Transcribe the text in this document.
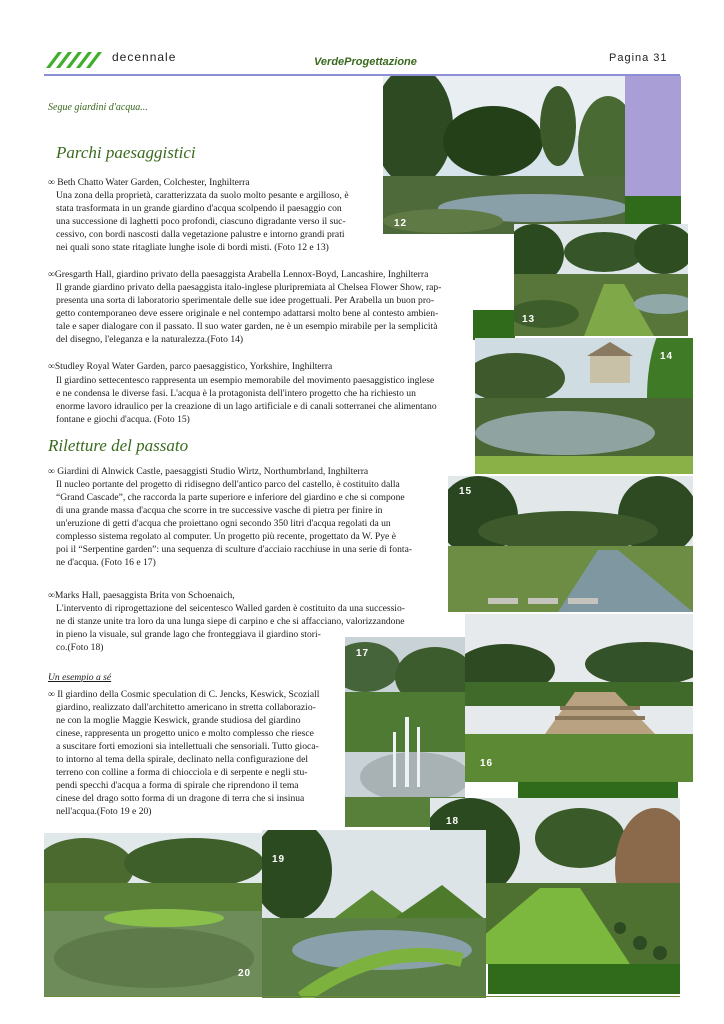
decennale	VerdeProgettazione	Pagina 31
Segue giardini d'acqua...
Parchi paesaggistici
∞ Beth Chatto Water Garden, Colchester, Inghilterra
Una zona della proprietà, caratterizzata da suolo molto pesante e argilloso, è
stata trasformata in un grande giardino d'acqua scolpendo il paesaggio con
una successione di laghetti poco profondi, ciascuno digradante verso il suc-
cessivo, con bordi nascosti dalla vegetazione palustre e intorno grandi prati
nei quali sono state ritagliate lunghe isole di bordi misti. (Foto 12 e 13)
∞Gresgarth Hall, giardino privato della paesaggista Arabella Lennox-Boyd, Lancashire, Inghilterra
Il grande giardino privato della paesaggista italo-inglese pluripremiata al Chelsea Flower Show, rap-
presenta una sorta di laboratorio sperimentale delle sue idee progettuali. Per Arabella un buon pro-
getto contemporaneo deve essere originale e nel contempo adattarsi molto bene al contesto ambien-
tale e saper dialogare con il passato. Il suo water garden, ne è un esempio mirabile per la semplicità
del disegno, l'eleganza e la naturalezza.(Foto 14)
∞Studley Royal Water Garden, parco paesaggistico, Yorkshire, Inghilterra
Il giardino settecentesco rappresenta un esempio memorabile del movimento paesaggistico inglese
e ne condensa le diverse fasi. L'acqua è la protagonista dell'intero progetto che ha richiesto un
enorme lavoro idraulico per la creazione di un lago artificiale e di canali sotterranei che alimentano
fontane e giochi d'acqua. (Foto 15)
Riletture del passato
∞ Giardini di Alnwick Castle, paesaggisti Studio Wirtz, Northumbrland, Inghilterra
Il nucleo portante del progetto di ridisegno dell'antico parco del castello, è costituito dalla
“Grand Cascade”, che raccorda la parte superiore e inferiore del giardino e che si compone
di una grande massa d'acqua che scorre in tre successive vasche di pietra per finire in
un'eruzione di getti d'acqua che proiettano ogni secondo 350 litri d'acqua regolati da un
complesso sistema regolato al computer. Un progetto più recente, progettato da W. Pye è
poi il “Serpentine garden”: una sequenza di sculture d'acciaio racchiuse in una serie di fonta-
ne d'acqua. (Foto 16 e 17)
∞Marks Hall, paesaggista Brita von Schoenaich,
L'intervento di riprogettazione del seicentesco Walled garden è costituito da una successio-
ne di stanze unite tra loro da una lunga siepe di carpino e che si affacciano, valorizzandone
in pieno la visuale, sul grande lago che fronteggiava il giardino stori-
co.(Foto 18)
Un esempio a sé
∞ Il giardino della Cosmic speculation di C. Jencks, Keswick, Scoziall
giardino, realizzato dall'architetto americano in stretta collaborazio-
ne con la moglie Maggie Keswick, grande studiosa del giardino
cinese, rappresenta un progetto unico e molto complesso che riesce
a suscitare forti emozioni sia intellettuali che sensoriali. Tutto gioca-
to intorno al tema della spirale, declinato nella configurazione del
terreno con colline a forma di chiocciola e di serpente e negli stu-
pendi specchi d'acqua a forma di spirale che riprendono il tema
cinese del drago sotto forma di un dragone di terra che si insinua
nell'acqua.(Foto 19 e 20)
12
13
14
15
16
17
18
19
20
